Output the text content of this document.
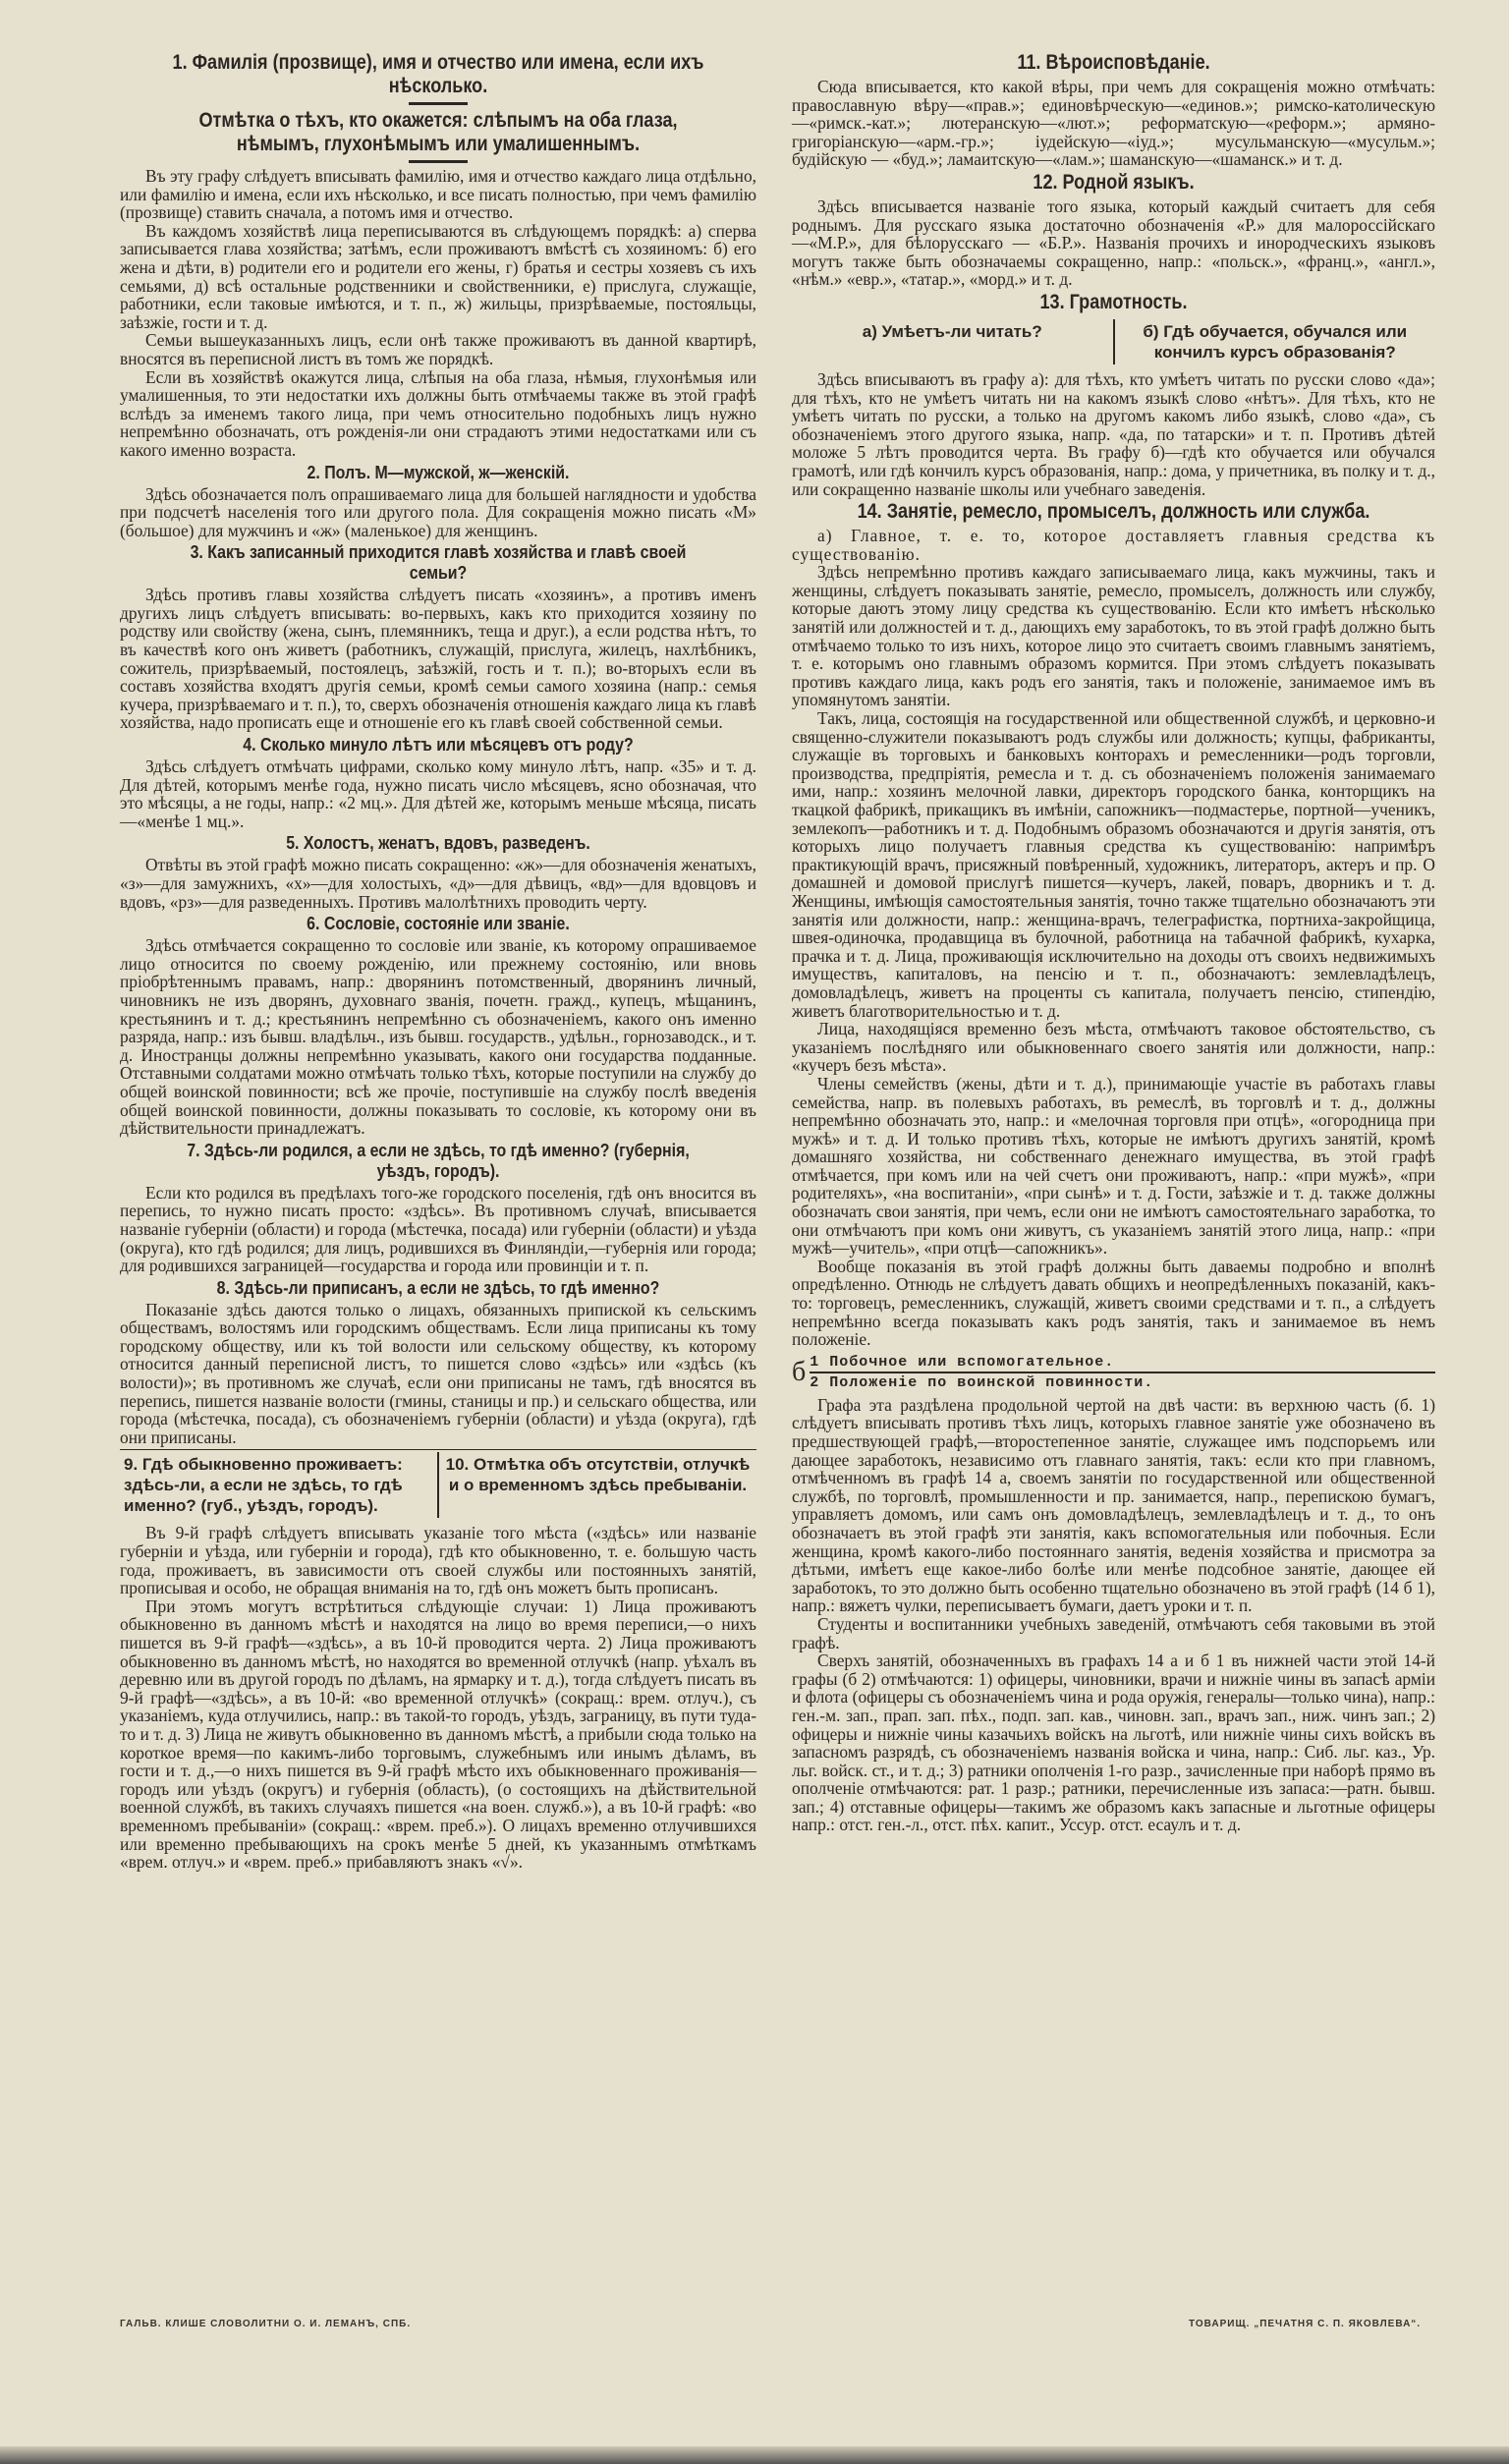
1. Фамилія (прозвище), имя и отчество или имена, если ихъ нѣсколько.
Отмѣтка о тѣхъ, кто окажется: слѣпымъ на оба глаза, нѣмымъ, глухонѣмымъ или умалишеннымъ.

Въ эту графу слѣдуетъ вписывать фамилію, имя и отчество каждаго лица отдѣльно, или фамилію и имена, если ихъ нѣсколько, и все писать полностью, при чемъ фамилію (прозвище) ставить сначала, а потомъ имя и отчество.

Въ каждомъ хозяйствѣ лица переписываются въ слѣдующемъ порядкѣ: а) сперва записывается глава хозяйства; затѣмъ, если проживаютъ вмѣстѣ съ хозяиномъ: б) его жена и дѣти, в) родители его и родители его жены, г) братья и сестры хозяевъ съ ихъ семьями, д) всѣ остальные родственники и свойственники, е) прислуга, служащіе, работники, если таковые имѣются, и т. п., ж) жильцы, призрѣваемые, постояльцы, заѣзжіе, гости и т. д.

Семьи вышеуказанныхъ лицъ, если онѣ также проживаютъ въ данной квартирѣ, вносятся въ переписной листъ въ томъ же порядкѣ.

Если въ хозяйствѣ окажутся лица, слѣпыя на оба глаза, нѣмыя, глухонѣмыя или умалишенныя, то эти недостатки ихъ должны быть отмѣчаемы также въ этой графѣ вслѣдъ за именемъ такого лица, при чемъ относительно подобныхъ лицъ нужно непремѣнно обозначать, отъ рожденія-ли они страдаютъ этими недостатками или съ какого именно возраста.

2. Полъ. М—мужской, ж—женскій.

Здѣсь обозначается полъ опрашиваемаго лица для большей наглядности и удобства при подсчетѣ населенія того или другого пола. Для сокращенія можно писать «М» (большое) для мужчинъ и «ж» (маленькое) для женщинъ.

3. Какъ записанный приходится главѣ хозяйства и главѣ своей семьи?

Здѣсь противъ главы хозяйства слѣдуетъ писать «хозяинъ», а противъ именъ другихъ лицъ слѣдуетъ вписывать: во-первыхъ, какъ кто приходится хозяину по родству или свойству (жена, сынъ, племянникъ, теща и друг.), а если родства нѣтъ, то въ качествѣ кого онъ живетъ (работникъ, служащій, прислуга, жилецъ, нахлѣбникъ, сожитель, призрѣваемый, постоялецъ, заѣзжій, гость и т. п.); во-вторыхъ если въ составъ хозяйства входятъ другія семьи, кромѣ семьи самого хозяина (напр.: семья кучера, призрѣваемаго и т. п.), то, сверхъ обозначенія отношенія каждаго лица къ главѣ хозяйства, надо прописать еще и отношеніе его къ главѣ своей собственной семьи.

4. Сколько минуло лѣтъ или мѣсяцевъ отъ роду?

Здѣсь слѣдуетъ отмѣчать цифрами, сколько кому минуло лѣтъ, напр. «35» и т. д. Для дѣтей, которымъ менѣе года, нужно писать число мѣсяцевъ, ясно обозначая, что это мѣсяцы, а не годы, напр.: «2 мц.». Для дѣтей же, которымъ меньше мѣсяца, писать—«менѣе 1 мц.».

5. Холостъ, женатъ, вдовъ, разведенъ.

Отвѣты въ этой графѣ можно писать сокращенно: «ж»—для обозначенія женатыхъ, «з»—для замужнихъ, «х»—для холостыхъ, «д»—для дѣвицъ, «вд»—для вдовцовъ и вдовъ, «рз»—для разведенныхъ. Противъ малолѣтнихъ проводить черту.

6. Сословіе, состояніе или званіе.

Здѣсь отмѣчается сокращенно то сословіе или званіе, къ которому опрашиваемое лицо относится по своему рожденію, или прежнему состоянію, или вновь пріобрѣтеннымъ правамъ, напр.: дворянинъ потомственный, дворянинъ личный, чиновникъ не изъ дворянъ, духовнаго званія, почетн. гражд., купецъ, мѣщанинъ, крестьянинъ и т. д.; крестьянинъ непремѣнно съ обозначеніемъ, какого онъ именно разряда, напр.: изъ бывш. владѣльч., изъ бывш. государств., удѣльн., горнозаводск., и т. д. Иностранцы должны непремѣнно указывать, какого они государства подданные. Отставными солдатами можно отмѣчать только тѣхъ, которые поступили на службу до общей воинской повинности; всѣ же прочіе, поступившіе на службу послѣ введенія общей воинской повинности, должны показывать то сословіе, къ которому они въ дѣйствительности принадлежатъ.

7. Здѣсь-ли родился, а если не здѣсь, то гдѣ именно? (губернія, уѣздъ, городъ).

Если кто родился въ предѣлахъ того-же городского поселенія, гдѣ онъ вносится въ перепись, то нужно писать просто: «здѣсь». Въ противномъ случаѣ, вписывается названіе губерніи (области) и города (мѣстечка, посада) или губерніи (области) и уѣзда (округа), кто гдѣ родился; для лицъ, родившихся въ Финляндіи,—губернія или города; для родившихся заграницей—государства и города или провинціи и т. п.

8. Здѣсь-ли приписанъ, а если не здѣсь, то гдѣ именно?

Показаніе здѣсь даются только о лицахъ, обязанныхъ припиской къ сельскимъ обществамъ, волостямъ или городскимъ обществамъ. Если лица приписаны къ тому городскому обществу, или къ той волости или сельскому обществу, къ которому относится данный переписной листъ, то пишется слово «здѣсь» или «здѣсь (къ волости)»; въ противномъ же случаѣ, если они приписаны не тамъ, гдѣ вносятся въ перепись, пишется названіе волости (гмины, станицы и пр.) и сельскаго общества, или города (мѣстечка, посада), съ обозначеніемъ губерніи (области) и уѣзда (округа), гдѣ они приписаны.

9. Гдѣ обыкновенно проживаетъ: здѣсь-ли, а если не здѣсь, то гдѣ именно? (губ., уѣздъ, городъ).
10. Отмѣтка объ отсутствіи, отлучкѣ и о временномъ здѣсь пребываніи.

Въ 9-й графѣ слѣдуетъ вписывать указаніе того мѣста («здѣсь» или названіе губерніи и уѣзда, или губерніи и города), гдѣ кто обыкновенно, т. е. большую часть года, проживаетъ, въ зависимости отъ своей службы или постоянныхъ занятій, прописывая и особо, не обращая вниманія на то, гдѣ онъ можетъ быть прописанъ.

При этомъ могутъ встрѣтиться слѣдующіе случаи: 1) Лица проживаютъ обыкновенно въ данномъ мѣстѣ и находятся на лицо во время переписи,—о нихъ пишется въ 9-й графѣ—«здѣсь», а въ 10-й проводится черта. 2) Лица проживаютъ обыкновенно въ данномъ мѣстѣ, но находятся во временной отлучкѣ (напр. уѣхалъ въ деревню или въ другой городъ по дѣламъ, на ярмарку и т. д.), тогда слѣдуетъ писать въ 9-й графѣ—«здѣсь», а въ 10-й: «во временной отлучкѣ» (сокращ.: врем. отлуч.), съ указаніемъ, куда отлучились, напр.: въ такой-то городъ, уѣздъ, заграницу, въ пути туда-то и т. д. 3) Лица не живутъ обыкновенно въ данномъ мѣстѣ, а прибыли сюда только на короткое время—по какимъ-либо торговымъ, служебнымъ или инымъ дѣламъ, въ гости и т. д.,—о нихъ пишется въ 9-й графѣ мѣсто ихъ обыкновеннаго проживанія—городъ или уѣздъ (округъ) и губернія (область), (о состоящихъ на дѣйствительной военной службѣ, въ такихъ случаяхъ пишется «на воен. служб.»), а въ 10-й графѣ: «во временномъ пребываніи» (сокращ.: «врем. преб.»). О лицахъ временно отлучившихся или временно пребывающихъ на срокъ менѣе 5 дней, къ указаннымъ отмѣткамъ «врем. отлуч.» и «врем. преб.» прибавляютъ знакъ «√».

11. Вѣроисповѣданіе.

Сюда вписывается, кто какой вѣры, при чемъ для сокращенія можно отмѣчать: православную вѣру—«прав.»; единовѣрческую—«единов.»; римско-католическую—«римск.-кат.»; лютеранскую—«лют.»; реформатскую—«реформ.»; армяно-григоріанскую—«арм.-гр.»; іудейскую—«іуд.»; мусульманскую—«мусульм.»; будійскую — «буд.»; ламаитскую—«лам.»; шаманскую—«шаманск.» и т. д.

12. Родной языкъ.

Здѣсь вписывается названіе того языка, который каждый считаетъ для себя роднымъ. Для русскаго языка достаточно обозначенія «Р.» для малороссійскаго—«М.Р.», для бѣлорусскаго — «Б.Р.». Названія прочихъ и инородческихъ языковъ могутъ также быть обозначаемы сокращенно, напр.: «польск.», «франц.», «англ.», «нѣм.» «евр.», «татар.», «морд.» и т. д.

13. Грамотность.
а) Умѣетъ-ли читать?	б) Гдѣ обучается, обучался или кончилъ курсъ образованія?

Здѣсь вписываютъ въ графу а): для тѣхъ, кто умѣетъ читать по русски слово «да»; для тѣхъ, кто не умѣетъ читать ни на какомъ языкѣ слово «нѣтъ». Для тѣхъ, кто не умѣетъ читать по русски, а только на другомъ какомъ либо языкѣ, слово «да», съ обозначеніемъ этого другого языка, напр. «да, по татарски» и т. п. Противъ дѣтей моложе 5 лѣтъ проводится черта. Въ графу б)—гдѣ кто обучается или обучался грамотѣ, или гдѣ кончилъ курсъ образованія, напр.: дома, у причетника, въ полку и т. д., или сокращенно названіе школы или учебнаго заведенія.

14. Занятіе, ремесло, промыселъ, должность или служба.

а) Главное, т. е. то, которое доставляетъ главныя средства къ существованію.

Здѣсь непремѣнно противъ каждаго записываемаго лица, какъ мужчины, такъ и женщины, слѣдуетъ показывать занятіе, ремесло, промыселъ, должность или службу, которые даютъ этому лицу средства къ существованію. Если кто имѣетъ нѣсколько занятій или должностей и т. д., дающихъ ему заработокъ, то въ этой графѣ должно быть отмѣчаемо только то изъ нихъ, которое лицо это считаетъ своимъ главнымъ занятіемъ, т. е. которымъ оно главнымъ образомъ кормится. При этомъ слѣдуетъ показывать противъ каждаго лица, какъ родъ его занятія, такъ и положеніе, занимаемое имъ въ упомянутомъ занятіи.

Такъ, лица, состоящія на государственной или общественной службѣ, и церковно-и священно-служители показываютъ родъ службы или должность; купцы, фабриканты, служащіе въ торговыхъ и банковыхъ конторахъ и ремесленники—родъ торговли, производства, предпріятія, ремесла и т. д. съ обозначеніемъ положенія занимаемаго ими, напр.: хозяинъ мелочной лавки, директоръ городского банка, конторщикъ на ткацкой фабрикѣ, прикащикъ въ имѣніи, сапожникъ—подмастерье, портной—ученикъ, землекопъ—работникъ и т. д. Подобнымъ образомъ обозначаются и другія занятія, отъ которыхъ лицо получаетъ главныя средства къ существованію: напримѣръ практикующій врачъ, присяжный повѣренный, художникъ, литераторъ, актеръ и пр. О домашней и домовой прислугѣ пишется—кучеръ, лакей, поваръ, дворникъ и т. д. Женщины, имѣющія самостоятельныя занятія, точно также тщательно обозначаютъ эти занятія или должности, напр.: женщина-врачъ, телеграфистка, портниха-закройщица, швея-одиночка, продавщица въ булочной, работница на табачной фабрикѣ, кухарка, прачка и т. д. Лица, проживающія исключительно на доходы отъ своихъ недвижимыхъ имуществъ, капиталовъ, на пенсію и т. п., обозначаютъ: землевладѣлецъ, домовладѣлецъ, живетъ на проценты съ капитала, получаетъ пенсію, стипендію, живетъ благотворительностью и т. д.

Лица, находящіяся временно безъ мѣста, отмѣчаютъ таковое обстоятельство, съ указаніемъ послѣдняго или обыкновеннаго своего занятія или должности, напр.: «кучеръ безъ мѣста».

Члены семействъ (жены, дѣти и т. д.), принимающіе участіе въ работахъ главы семейства, напр. въ полевыхъ работахъ, въ ремеслѣ, въ торговлѣ и т. д., должны непремѣнно обозначать это, напр.: и «мелочная торговля при отцѣ», «огородница при мужѣ» и т. д. И только противъ тѣхъ, которые не имѣютъ другихъ занятій, кромѣ домашняго хозяйства, ни собственнаго денежнаго имущества, въ этой графѣ отмѣчается, при комъ или на чей счетъ они проживаютъ, напр.: «при мужѣ», «при родителяхъ», «на воспитаніи», «при сынѣ» и т. д. Гости, заѣзжіе и т. д. также должны обозначать свои занятія, при чемъ, если они не имѣютъ самостоятельнаго заработка, то они отмѣчаютъ при комъ они живутъ, съ указаніемъ занятій этого лица, напр.: «при мужѣ—учитель», «при отцѣ—сапожникъ».

Вообще показанія въ этой графѣ должны быть даваемы подробно и вполнѣ опредѣленно. Отнюдь не слѣдуетъ давать общихъ и неопредѣленныхъ показаній, какъ-то: торговецъ, ремесленникъ, служащій, живетъ своими средствами и т. п., а слѣдуетъ непремѣнно всегда показывать какъ родъ занятія, такъ и занимаемое въ немъ положеніе.

б 1 Побочное или вспомогательное.
2 Положеніе по воинской повинности.

Графа эта раздѣлена продольной чертой на двѣ части: въ верхнюю часть (б. 1) слѣдуетъ вписывать противъ тѣхъ лицъ, которыхъ главное занятіе уже обозначено въ предшествующей графѣ,—второстепенное занятіе, служащее имъ подспорьемъ или дающее заработокъ, независимо отъ главнаго занятія, такъ: если кто при главномъ, отмѣченномъ въ графѣ 14 а, своемъ занятіи по государственной или общественной службѣ, по торговлѣ, промышленности и пр. занимается, напр., перепискою бумагъ, управляетъ домомъ, или самъ онъ домовладѣлецъ, землевладѣлецъ и т. д., то онъ обозначаетъ въ этой графѣ эти занятія, какъ вспомогательныя или побочныя. Если женщина, кромѣ какого-либо постояннаго занятія, веденія хозяйства и присмотра за дѣтьми, имѣетъ еще какое-либо болѣе или менѣе подсобное занятіе, дающее ей заработокъ, то это должно быть особенно тщательно обозначено въ этой графѣ (14 б 1), напр.: вяжетъ чулки, переписываетъ бумаги, даетъ уроки и т. п.

Студенты и воспитанники учебныхъ заведеній, отмѣчаютъ себя таковыми въ этой графѣ.

Сверхъ занятій, обозначенныхъ въ графахъ 14 а и б 1 въ нижней части этой 14-й графы (б 2) отмѣчаются: 1) офицеры, чиновники, врачи и нижніе чины въ запасѣ арміи и флота (офицеры съ обозначеніемъ чина и рода оружія, генералы—только чина), напр.: ген.-м. зап., прап. зап. пѣх., подп. зап. кав., чиновн. зап., врачъ зап., ниж. чинъ зап.; 2) офицеры и нижніе чины казачьихъ войскъ на льготѣ, или нижніе чины сихъ войскъ въ запасномъ разрядѣ, съ обозначеніемъ названія войска и чина, напр.: Сиб. льг. каз., Ур. льг. войск. ст., и т. д.; 3) ратники ополченія 1-го разр., зачисленные при наборѣ прямо въ ополченіе отмѣчаются: рат. 1 разр.; ратники, перечисленные изъ запаса:—ратн. бывш. зап.; 4) отставные офицеры—такимъ же образомъ какъ запасные и льготные офицеры напр.: отст. ген.-л., отст. пѣх. капит., Уссур. отст. есаулъ и т. д.

ГАЛЬВ. КЛИШЕ СЛОВОЛИТНИ О. И. ЛЕМАНЪ, СПБ.	ТОВАРИЩ. „ПЕЧАТНЯ С. П. ЯКОВЛЕВА“.
